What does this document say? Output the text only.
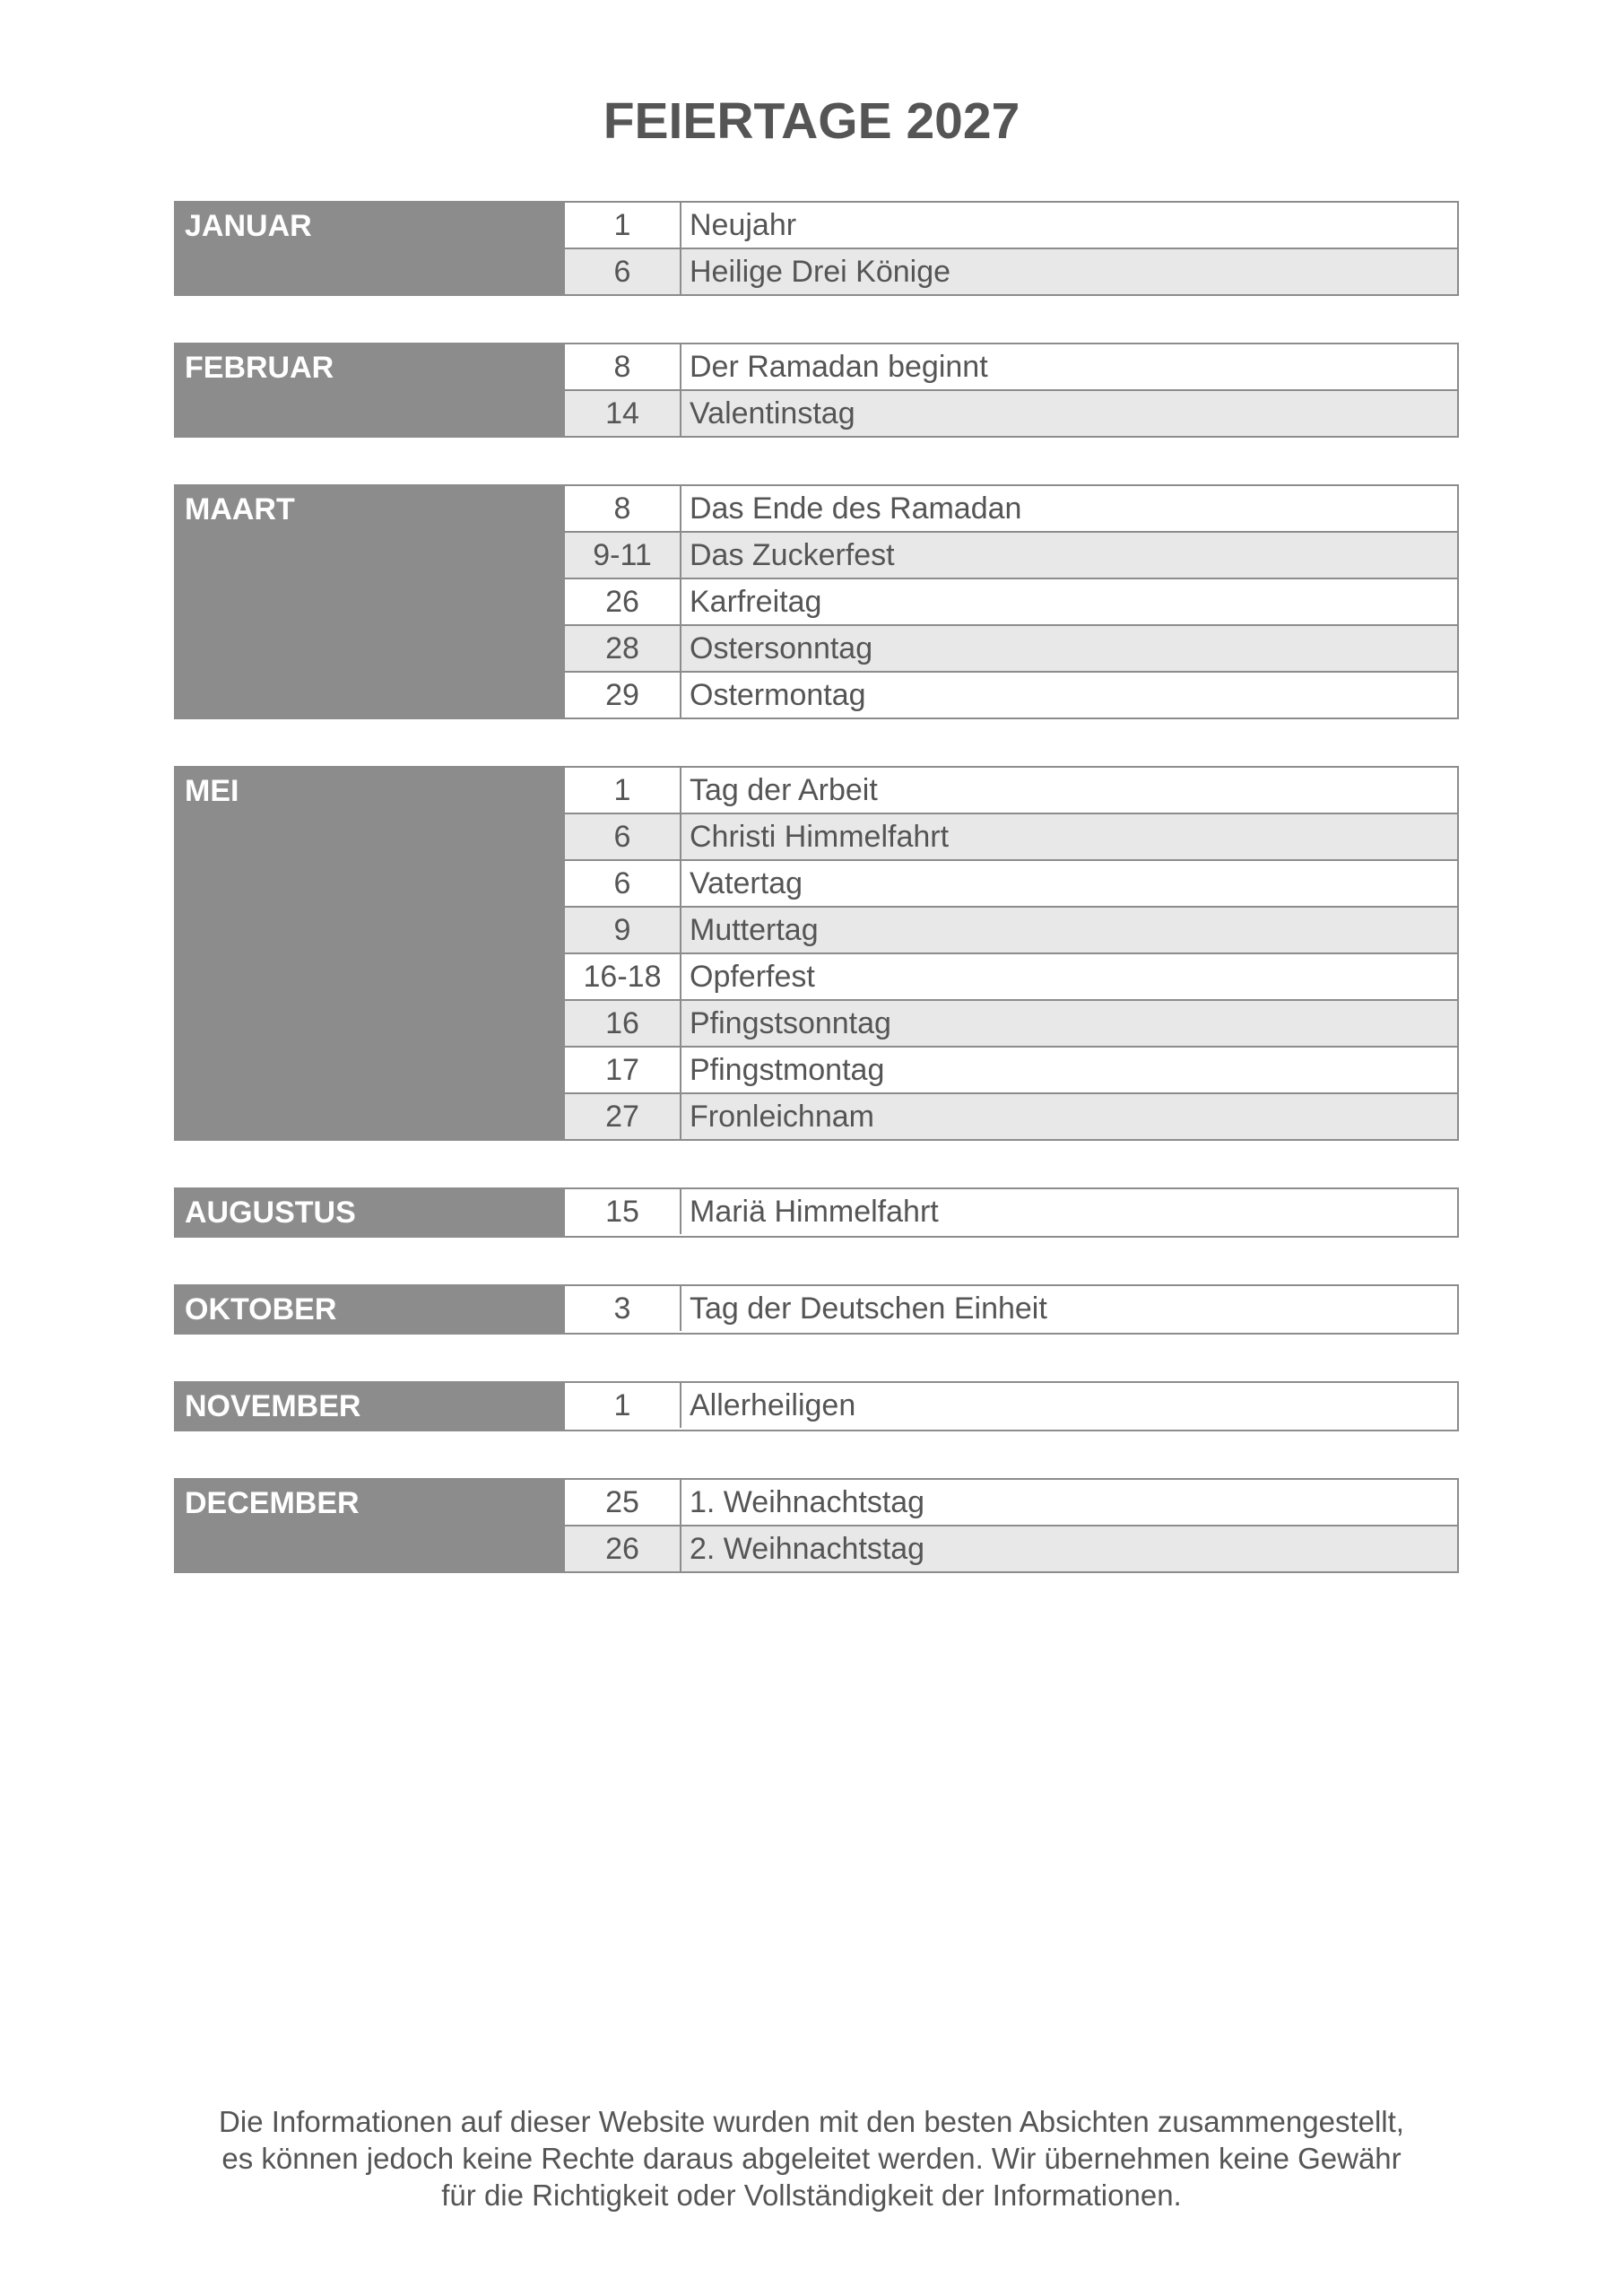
FEIERTAGE 2027
JANUAR	1	Neujahr
6	Heilige Drei Könige
FEBRUAR	8	Der Ramadan beginnt
14	Valentinstag
MAART	8	Das Ende des Ramadan
9-11	Das Zuckerfest
26	Karfreitag
28	Ostersonntag
29	Ostermontag
MEI	1	Tag der Arbeit
6	Christi Himmelfahrt
6	Vatertag
9	Muttertag
16-18 Opferfest
16	Pfingstsonntag
17	Pfingstmontag
27	Fronleichnam
AUGUSTUS	15	Mariä Himmelfahrt
OKTOBER	3	Tag der Deutschen Einheit
NOVEMBER	1	Allerheiligen
DECEMBER	25	1. Weihnachtstag
26	2. Weihnachtstag
Die Informationen auf dieser Website wurden mit den besten Absichten zusammengestellt,
es können jedoch keine Rechte daraus abgeleitet werden. Wir übernehmen keine Gewähr
für die Richtigkeit oder Vollständigkeit der Informationen.
